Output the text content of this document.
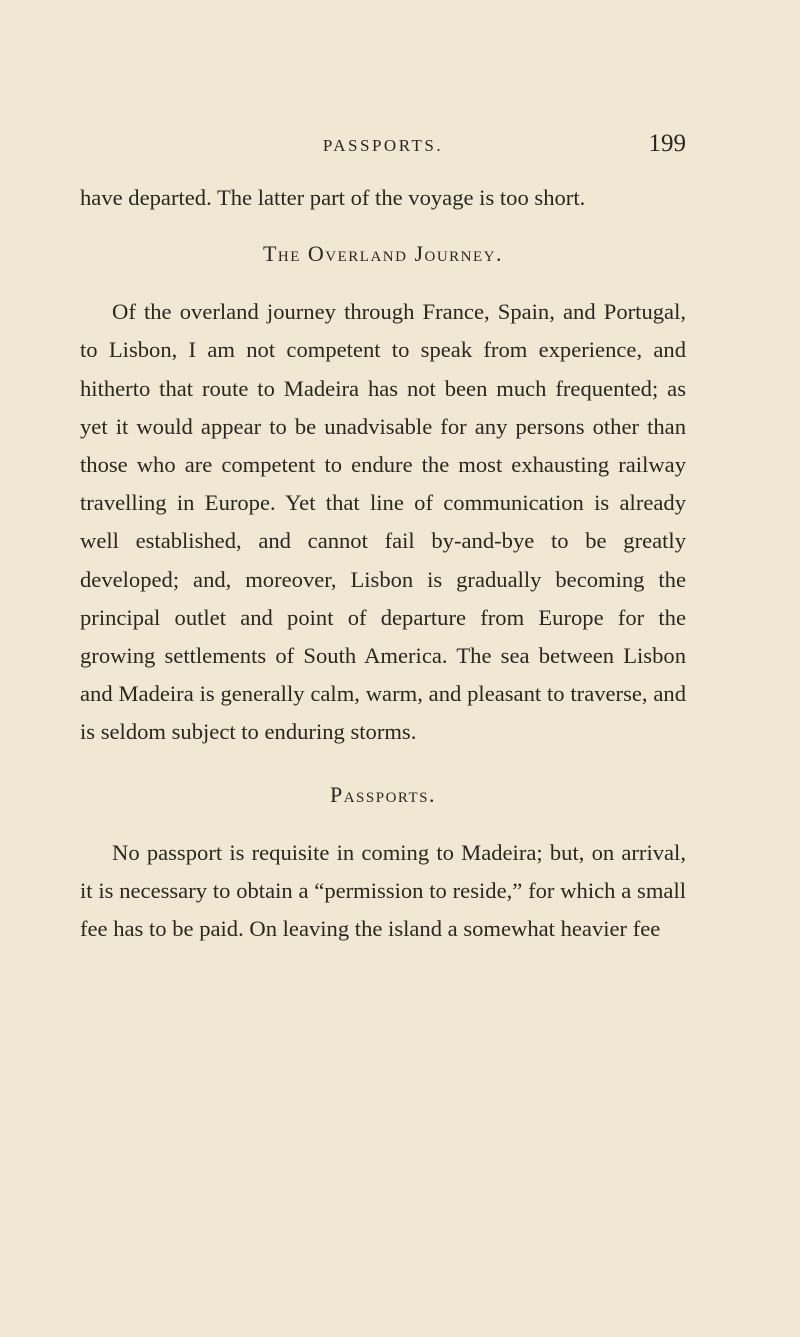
PASSPORTS.	199

have departed. The latter part of the voyage is too short.

The Overland Journey.

Of the overland journey through France, Spain, and Portugal, to Lisbon, I am not competent to speak from experience, and hitherto that route to Madeira has not been much frequented; as yet it would appear to be unadvisable for any persons other than those who are competent to endure the most exhausting railway travelling in Europe. Yet that line of communication is already well established, and cannot fail by-and-bye to be greatly developed; and, moreover, Lisbon is gradually becoming the principal outlet and point of departure from Europe for the growing settlements of South America. The sea between Lisbon and Madeira is generally calm, warm, and pleasant to traverse, and is seldom subject to enduring storms.

Passports.

No passport is requisite in coming to Madeira; but, on arrival, it is necessary to obtain a “permission to reside,” for which a small fee has to be paid. On leaving the island a somewhat heavier fee
